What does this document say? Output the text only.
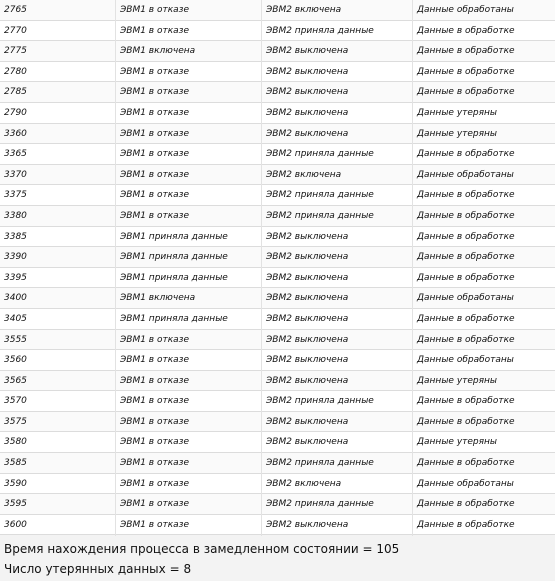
2765	ЭВМ1 в отказе	ЭВМ2 включена	Данные обработаны
2770	ЭВМ1 в отказе	ЭВМ2 приняла данные	Данные в обработке
2775	ЭВМ1 включена	ЭВМ2 выключена	Данные в обработке
2780	ЭВМ1 в отказе	ЭВМ2 выключена	Данные в обработке
2785	ЭВМ1 в отказе	ЭВМ2 выключена	Данные в обработке
2790	ЭВМ1 в отказе	ЭВМ2 выключена	Данные утеряны
3360	ЭВМ1 в отказе	ЭВМ2 выключена	Данные утеряны
3365	ЭВМ1 в отказе	ЭВМ2 приняла данные	Данные в обработке
3370	ЭВМ1 в отказе	ЭВМ2 включена	Данные обработаны
3375	ЭВМ1 в отказе	ЭВМ2 приняла данные	Данные в обработке
3380	ЭВМ1 в отказе	ЭВМ2 приняла данные	Данные в обработке
3385	ЭВМ1 приняла данные	ЭВМ2 выключена	Данные в обработке
3390	ЭВМ1 приняла данные	ЭВМ2 выключена	Данные в обработке
3395	ЭВМ1 приняла данные	ЭВМ2 выключена	Данные в обработке
3400	ЭВМ1 включена	ЭВМ2 выключена	Данные обработаны
3405	ЭВМ1 приняла данные	ЭВМ2 выключена	Данные в обработке
3555	ЭВМ1 в отказе	ЭВМ2 выключена	Данные в обработке
3560	ЭВМ1 в отказе	ЭВМ2 выключена	Данные обработаны
3565	ЭВМ1 в отказе	ЭВМ2 выключена	Данные утеряны
3570	ЭВМ1 в отказе	ЭВМ2 приняла данные	Данные в обработке
3575	ЭВМ1 в отказе	ЭВМ2 выключена	Данные в обработке
3580	ЭВМ1 в отказе	ЭВМ2 выключена	Данные утеряны
3585	ЭВМ1 в отказе	ЭВМ2 приняла данные	Данные в обработке
3590	ЭВМ1 в отказе	ЭВМ2 включена	Данные обработаны
3595	ЭВМ1 в отказе	ЭВМ2 приняла данные	Данные в обработке
3600	ЭВМ1 в отказе	ЭВМ2 выключена	Данные в обработке
Время нахождения процесса в замедленном состоянии = 105
Число утерянных данных = 8
